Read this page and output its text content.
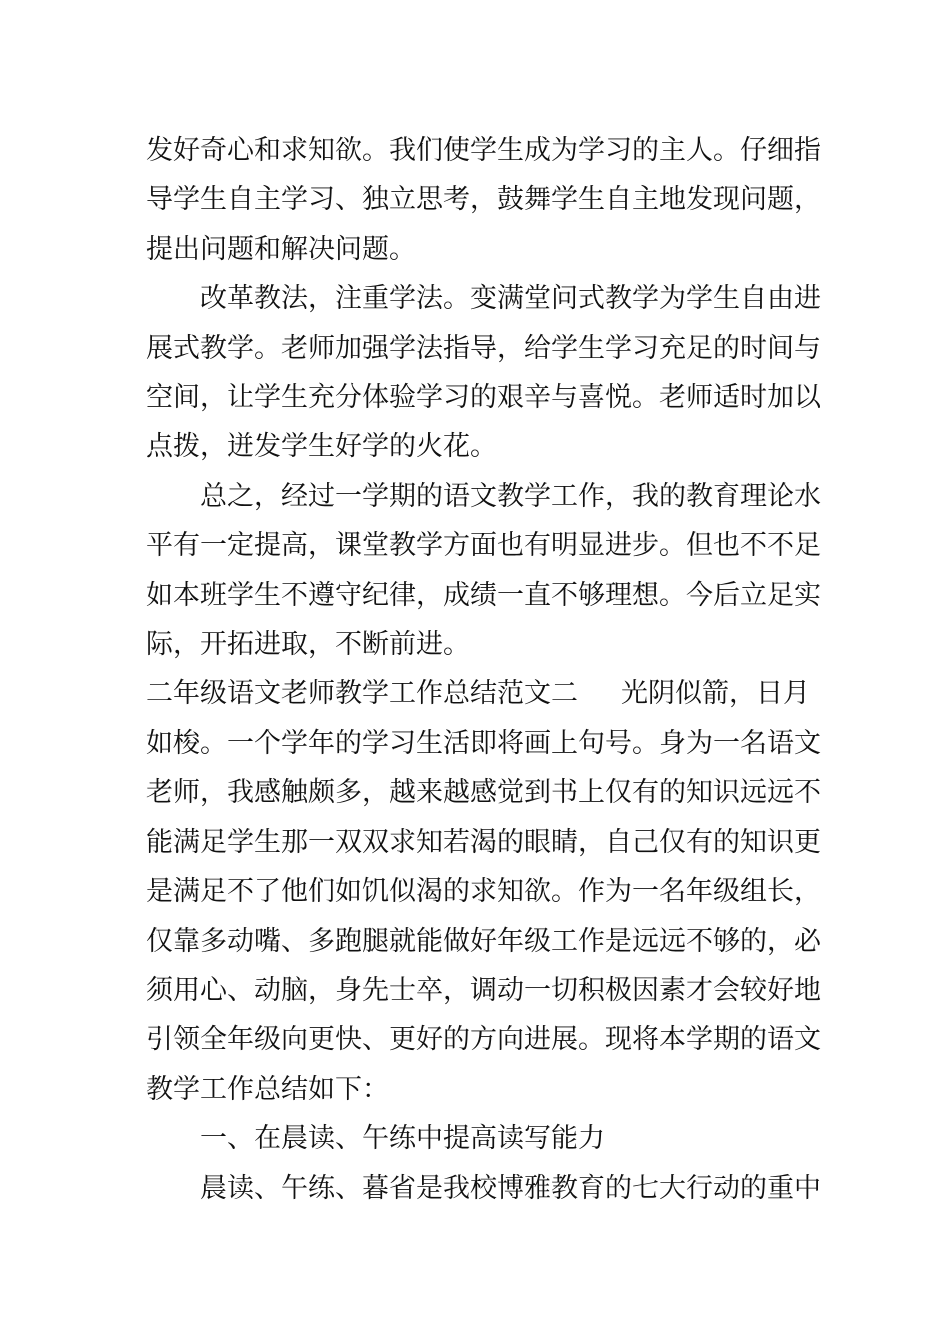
发好奇心和求知欲。我们使学生成为学习的主人。仔细指
导学生自主学习、独立思考，鼓舞学生自主地发现问题，
提出问题和解决问题。
改革教法，注重学法。变满堂问式教学为学生自由进
展式教学。老师加强学法指导，给学生学习充足的时间与
空间，让学生充分体验学习的艰辛与喜悦。老师适时加以
点拨，迸发学生好学的火花。
总之，经过一学期的语文教学工作，我的教育理论水
平有一定提高，课堂教学方面也有明显进步。但也不不足
如本班学生不遵守纪律，成绩一直不够理想。今后立足实
际，开拓进取，不断前进。
二年级语文老师教学工作总结范文二 光阴似箭，日月
如梭。一个学年的学习生活即将画上句号。身为一名语文
老师，我感触颇多，越来越感觉到书上仅有的知识远远不
能满足学生那一双双求知若渴的眼睛，自己仅有的知识更
是满足不了他们如饥似渴的求知欲。作为一名年级组长，
仅靠多动嘴、多跑腿就能做好年级工作是远远不够的，必
须用心、动脑，身先士卒，调动一切积极因素才会较好地
引领全年级向更快、更好的方向进展。现将本学期的语文
教学工作总结如下：
一、在晨读、午练中提高读写能力
晨读、午练、暮省是我校博雅教育的七大行动的重中
